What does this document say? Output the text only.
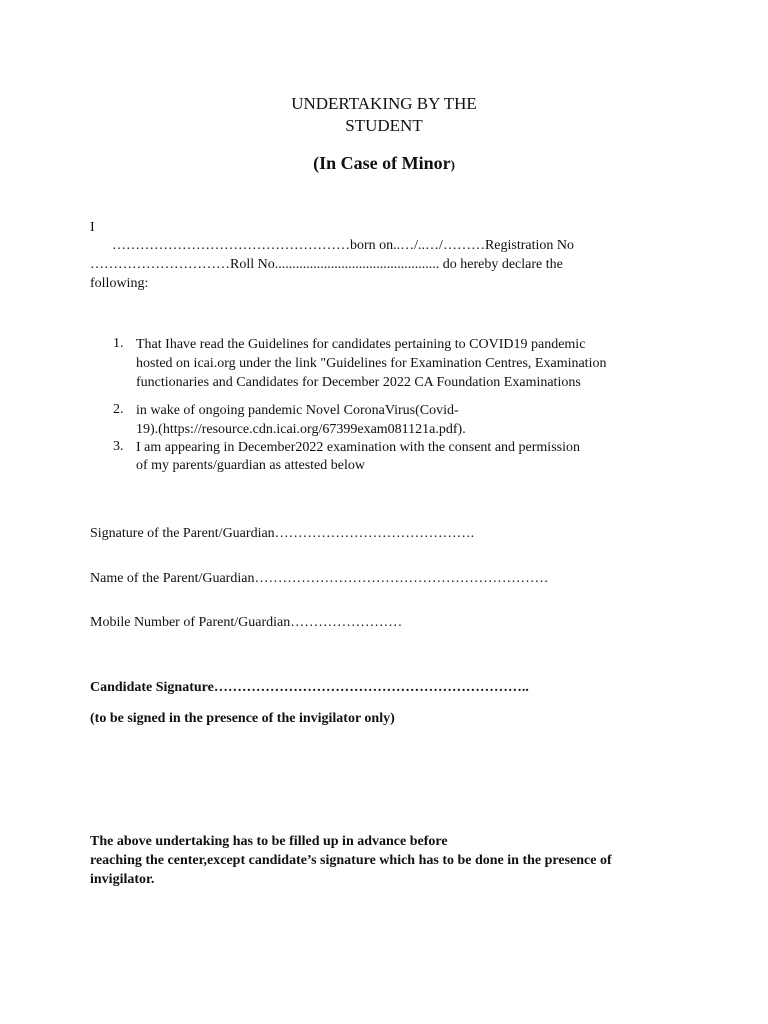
UNDERTAKING BY THE
STUDENT
(In Case of Minor)
I
……………………………………………born on..…/..…/………Registration No
…………………………Roll No............................................... do hereby declare the
following:
1. That Ihave read the Guidelines for candidates pertaining to COVID19 pandemic
hosted on icai.org under the link "Guidelines for Examination Centres, Examination
functionaries and Candidates for December 2022 CA Foundation Examinations
2. in wake of ongoing pandemic Novel CoronaVirus(Covid-
19).(https://resource.cdn.icai.org/67399exam081121a.pdf).
3. I am appearing in December2022 examination with the consent and permission
of my parents/guardian as attested below
Signature of the Parent/Guardian…………………………………….
Name of the Parent/Guardian………………………………………………………
Mobile Number of Parent/Guardian……………………
Candidate Signature…………………………………………………………..
(to be signed in the presence of the invigilator only)
The above undertaking has to be filled up in advance before
reaching the center,except candidate’s signature which has to be done in the presence of
invigilator.
